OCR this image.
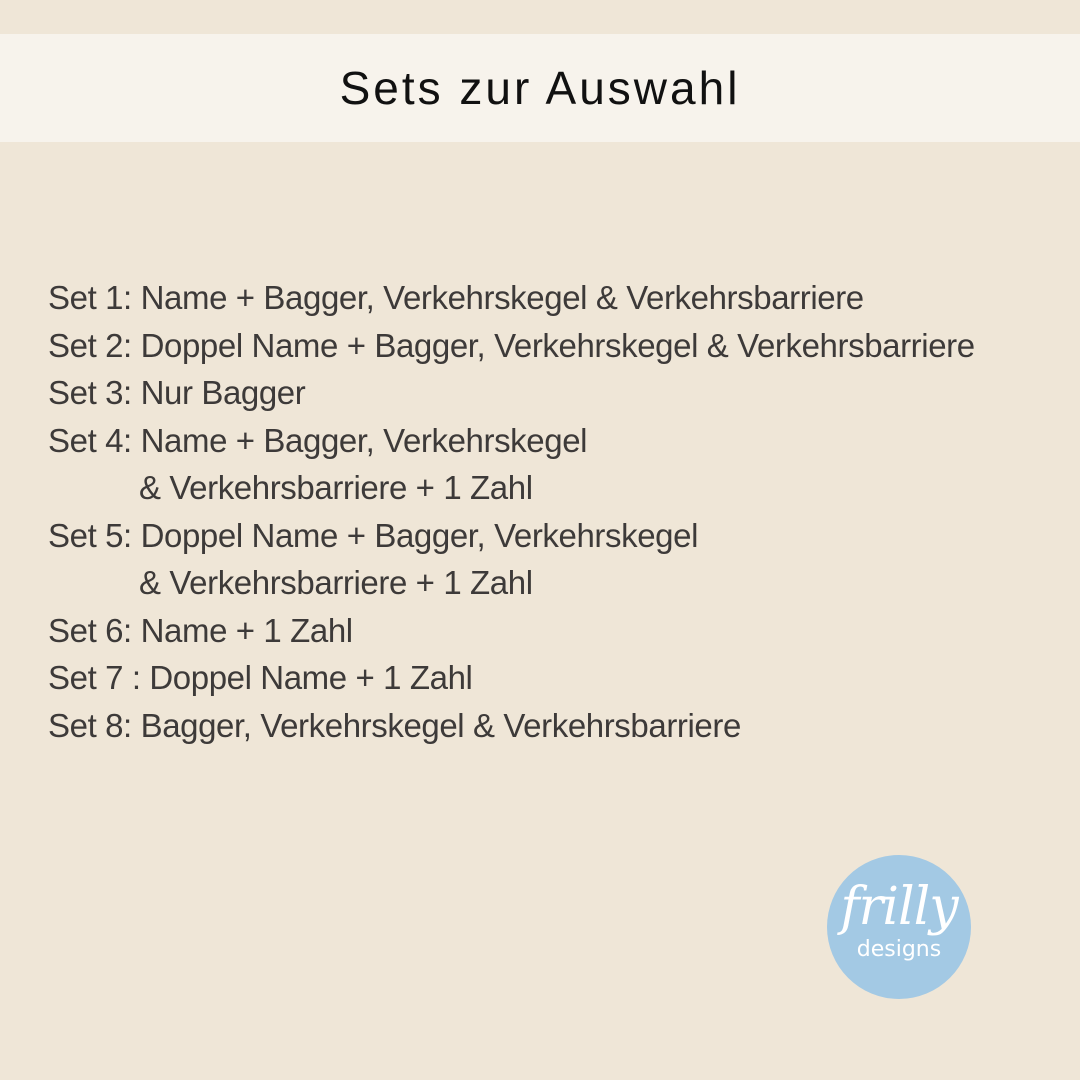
Sets zur Auswahl
Set 1: Name + Bagger, Verkehrskegel & Verkehrsbarriere
Set 2: Doppel Name + Bagger, Verkehrskegel & Verkehrsbarriere
Set 3: Nur Bagger
Set 4: Name + Bagger, Verkehrskegel
& Verkehrsbarriere + 1 Zahl
Set 5: Doppel Name + Bagger, Verkehrskegel
& Verkehrsbarriere + 1 Zahl
Set 6: Name + 1 Zahl
Set 7 : Doppel Name + 1 Zahl
Set 8: Bagger, Verkehrskegel & Verkehrsbarriere
frilly
designs
